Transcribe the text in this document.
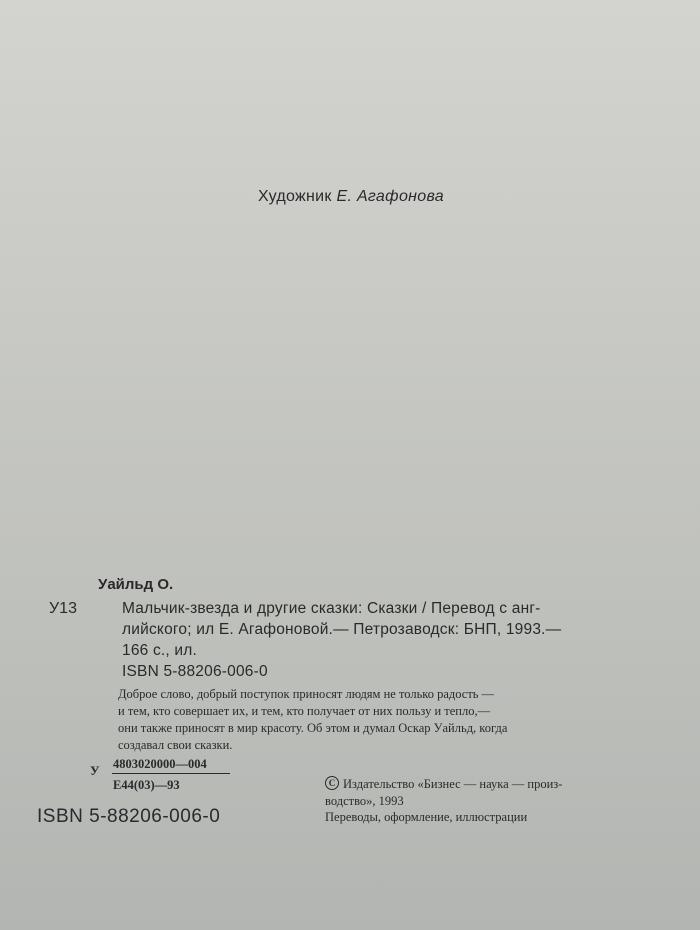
Художник Е. Агафонова
Уайльд О.
У13	Мальчик-звезда и другие сказки: Сказки / Перевод с анг-
лийского; ил Е. Агафоновой.— Петрозаводск: БНП, 1993.—
166 с., ил.
ISBN 5-88206-006-0
Доброе слово, добрый поступок приносят людям не только радость —
и тем, кто совершает их, и тем, кто получает от них пользу и тепло,—
они также приносят в мир красоту. Об этом и думал Оскар Уайльд, когда
создавал свои сказки.
У 4803020000—004
Е44(03)—93
ISBN 5-88206-006-0
C Издательство «Бизнес — наука — произ-
водство», 1993
Переводы, оформление, иллюстрации
